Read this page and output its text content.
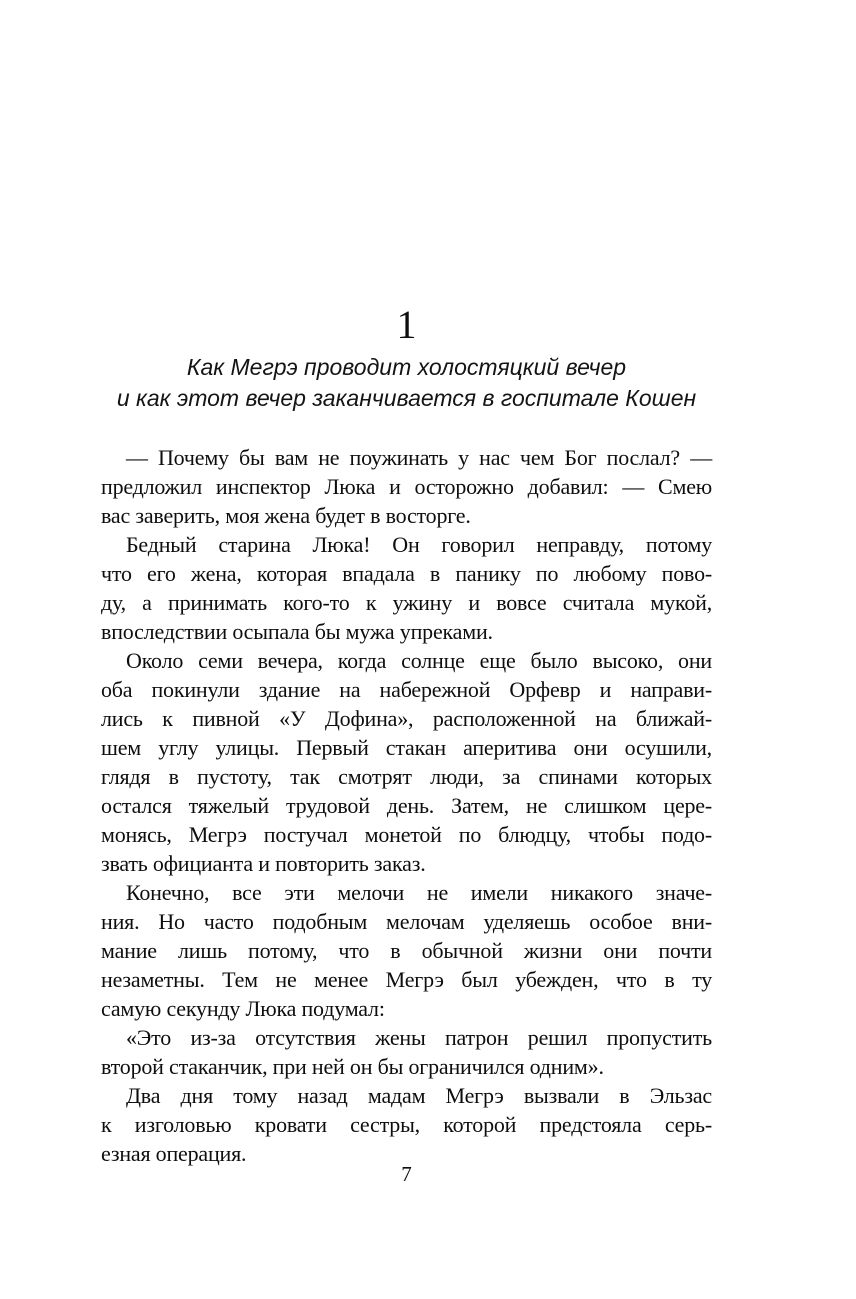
1
Как Мегрэ проводит холостяцкий вечер
и как этот вечер заканчивается в госпитале Кошен
— Почему бы вам не поужинать у нас чем Бог послал? —
предложил инспектор Люка и осторожно добавил: — Смею
вас заверить, моя жена будет в восторге.
Бедный старина Люка! Он говорил неправду, потому
что его жена, которая впадала в панику по любому пово-
ду, а принимать кого-то к ужину и вовсе считала мукой,
впоследствии осыпала бы мужа упреками.
Около семи вечера, когда солнце еще было высоко, они
оба покинули здание на набережной Орфевр и направи-
лись к пивной «У Дофина», расположенной на ближай-
шем углу улицы. Первый стакан аперитива они осушили,
глядя в пустоту, так смотрят люди, за спинами которых
остался тяжелый трудовой день. Затем, не слишком цере-
монясь, Мегрэ постучал монетой по блюдцу, чтобы подо-
звать официанта и повторить заказ.
Конечно, все эти мелочи не имели никакого значе-
ния. Но часто подобным мелочам уделяешь особое вни-
мание лишь потому, что в обычной жизни они почти
незаметны. Тем не менее Мегрэ был убежден, что в ту
самую секунду Люка подумал:
«Это из-за отсутствия жены патрон решил пропустить
второй стаканчик, при ней он бы ограничился одним».
Два дня тому назад мадам Мегрэ вызвали в Эльзас
к изголовью кровати сестры, которой предстояла серь-
езная операция.
7
